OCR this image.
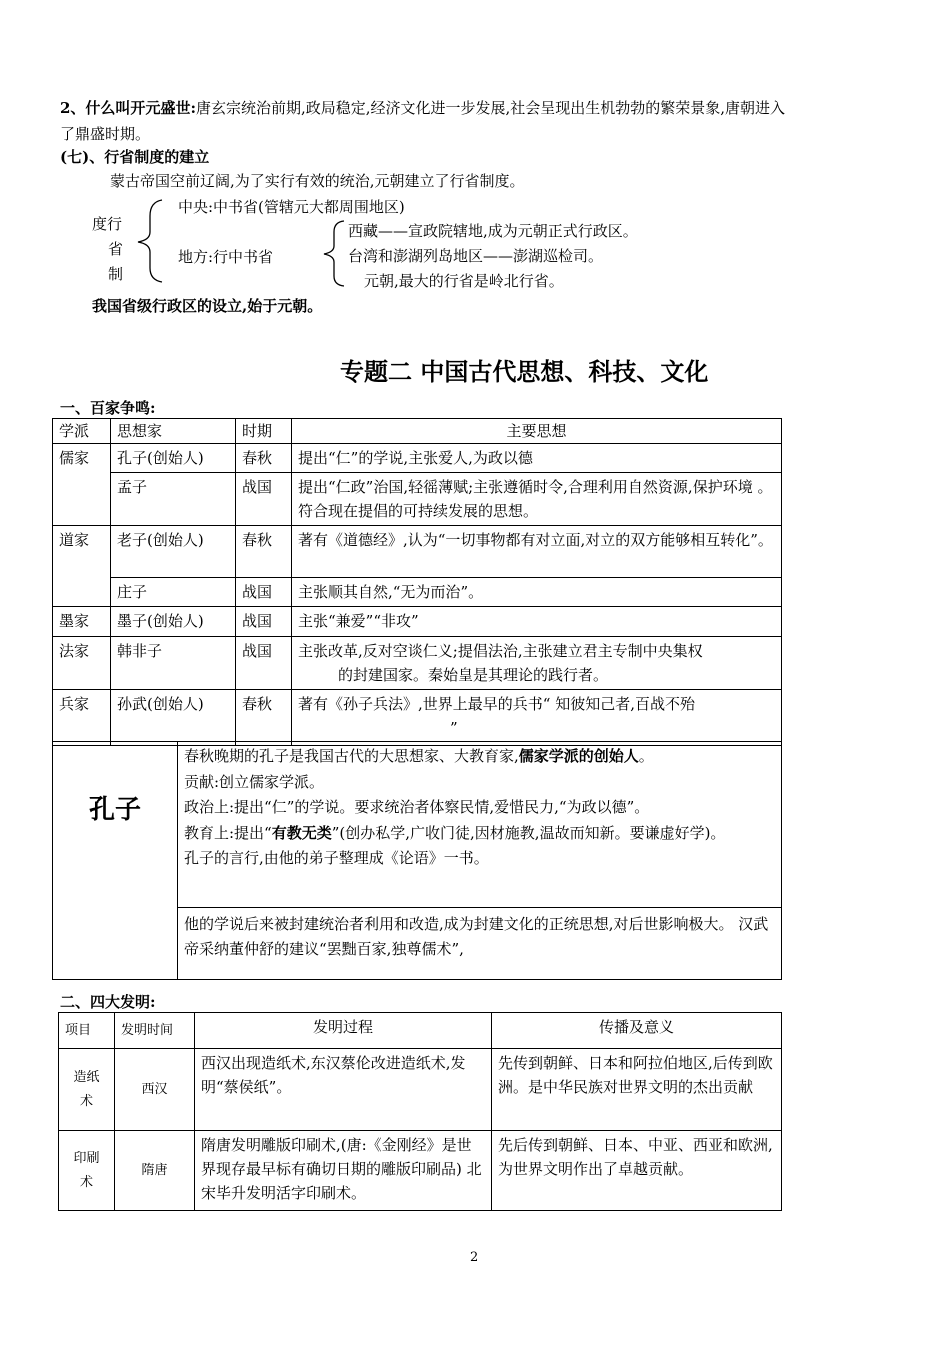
2、什么叫开元盛世:唐玄宗统治前期,政局稳定,经济文化进一步发展,社会呈现出生机勃勃的繁荣景象,唐朝进入
了鼎盛时期。
(七)、行省制度的建立
蒙古帝国空前辽阔,为了实行有效的统治,元朝建立了行省制度。
度行
省
制
中央:中书省(管辖元大都周围地区)
地方:行中书省
西藏——宣政院辖地,成为元朝正式行政区。
台湾和澎湖列岛地区——澎湖巡检司。
元朝,最大的行省是岭北行省。
我国省级行政区的设立,始于元朝。
专题二 中国古代思想、科技、文化
一、百家争鸣:
学派	思想家	时期	主要思想
儒家	孔子(创始人)	春秋	提出“仁”的学说,主张爱人,为政以德
	孟子	战国	提出“仁政”治国,轻徭薄赋;主张遵循时令,合理利用自然资源,保护环境 。 符合现在提倡的可持续发展的思想。
道家	老子(创始人)	春秋	著有《道德经》,认为“一切事物都有对立面,对立的双方能够相互转化”。
	庄子	战国	主张顺其自然,“无为而治”。
墨家	墨子(创始人)	战国	主张“兼爱”“非攻”
法家	韩非子	战国	主张改革,反对空谈仁义;提倡法治,主张建立君主专制中央集权
的封建国家。秦始皇是其理论的践行者。
兵家	孙武(创始人)	春秋	著有《孙子兵法》,世界上最早的兵书“ 知彼知己者,百战不殆
”
孔子	春秋晚期的孔子是我国古代的大思想家、大教育家,儒家学派的创始人。
贡献:创立儒家学派。
政治上:提出“仁”的学说。要求统治者体察民情,爱惜民力,“为政以德”。
教育上:提出“有教无类”(创办私学,广收门徒,因材施教,温故而知新。要谦虚好学)。
孔子的言行,由他的弟子整理成《论语》一书。
他的学说后来被封建统治者利用和改造,成为封建文化的正统思想,对后世影响极大。 汉武帝采纳董仲舒的建议“罢黜百家,独尊儒术”,
二、四大发明:
项目	发明时间	发明过程	传播及意义
造纸术	西汉	西汉出现造纸术,东汉蔡伦改进造纸术,发明“蔡侯纸”。	先传到朝鲜、日本和阿拉伯地区,后传到欧洲。是中华民族对世界文明的杰出贡献
印刷术	隋唐	隋唐发明雕版印刷术,(唐:《金刚经》是世界现存最早标有确切日期的雕版印刷品) 北宋毕升发明活字印刷术。	先后传到朝鲜、日本、中亚、西亚和欧洲,为世界文明作出了卓越贡献。
2
